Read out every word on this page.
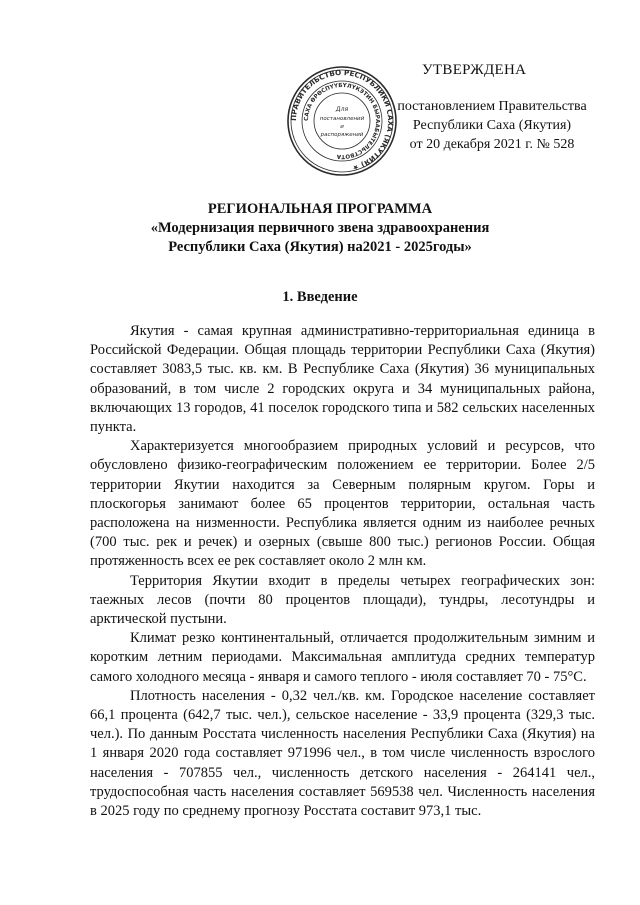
УТВЕРЖДЕНА
постановлением Правительства
Республики Саха (Якутия)
от 20 декабря 2021 г. № 528
ПРАВИТЕЛЬСТВО РЕСПУБЛИКИ САХА (ЯКУТИЯ) ★
САХА ӨРӨСПҮҮБҮЛҮКЭТИН БЫРААБЫТЕЛЬСТВОТА
Для
постановлений
и
распоряжений
РЕГИОНАЛЬНАЯ ПРОГРАММА
«Модернизация первичного звена здравоохранения
Республики Саха (Якутия) на2021 - 2025годы»
1. Введение

Якутия - самая крупная административно-территориальная единица в Российской Федерации. Общая площадь территории Республики Саха (Якутия) составляет 3083,5 тыс. кв. км. В Республике Саха (Якутия) 36 муниципальных образований, в том числе 2 городских округа и 34 муниципальных района, включающих 13 городов, 41 поселок городского типа и 582 сельских населенных пункта.

Характеризуется многообразием природных условий и ресурсов, что обусловлено физико-географическим положением ее территории. Более 2/5 территории Якутии находится за Северным полярным кругом. Горы и плоскогорья занимают более 65 процентов территории, остальная часть расположена на низменности. Республика является одним из наиболее речных (700 тыс. рек и речек) и озерных (свыше 800 тыс.) регионов России. Общая протяженность всех ее рек составляет около 2 млн км.

Территория Якутии входит в пределы четырех географических зон: таежных лесов (почти 80 процентов площади), тундры, лесотундры и арктической пустыни.

Климат резко континентальный, отличается продолжительным зимним и коротким летним периодами. Максимальная амплитуда средних температур самого холодного месяца - января и самого теплого - июля составляет 70 - 75°С.

Плотность населения - 0,32 чел./кв. км. Городское население составляет 66,1 процента (642,7 тыс. чел.), сельское население - 33,9 процента (329,3 тыс. чел.). По данным Росстата численность населения Республики Саха (Якутия) на 1 января 2020 года составляет 971996 чел., в том числе численность взрослого населения - 707855 чел., численность детского населения - 264141 чел., трудоспособная часть населения составляет 569538 чел. Численность населения в 2025 году по среднему прогнозу Росстата составит 973,1 тыс.
